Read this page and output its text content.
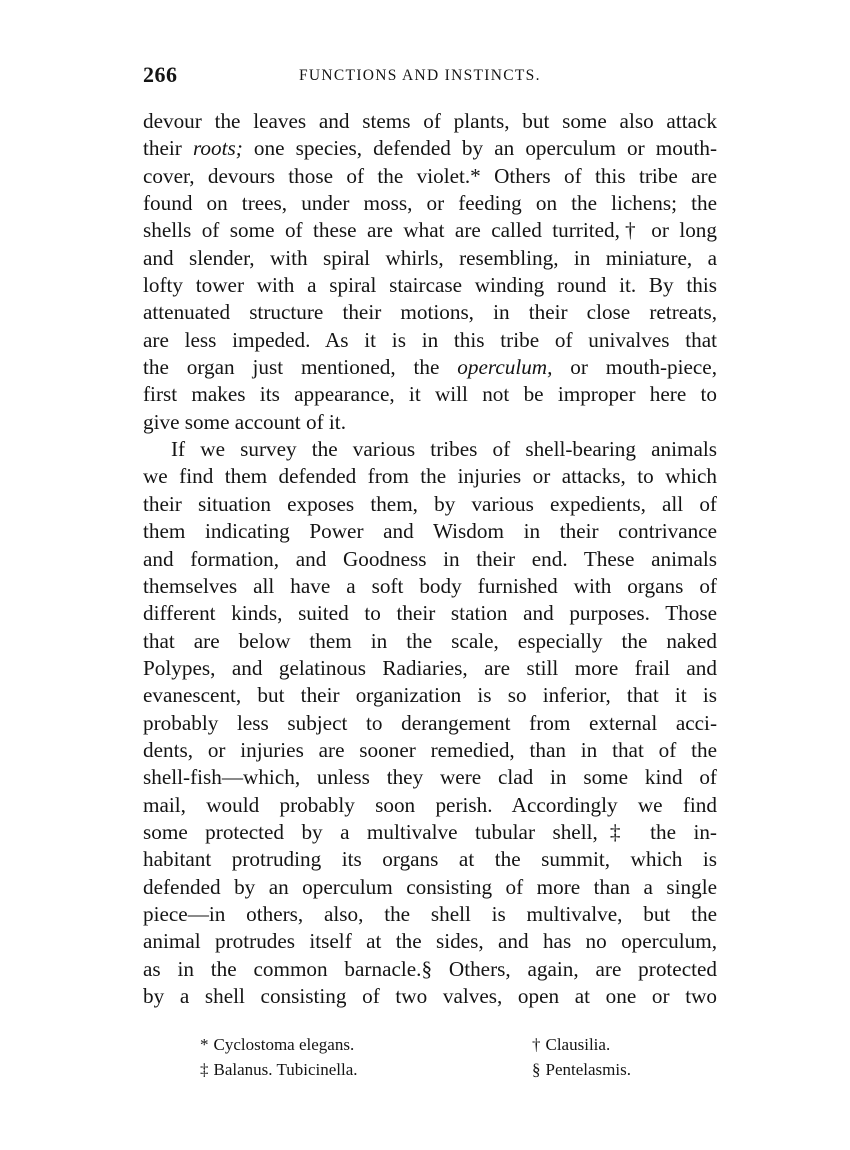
266	FUNCTIONS AND INSTINCTS.
devour the leaves and stems of plants, but some also attack
their roots; one species, defended by an operculum or mouth-
cover, devours those of the violet.* Others of this tribe are
found on trees, under moss, or feeding on the lichens; the
shells of some of these are what are called turrited,† or long
and slender, with spiral whirls, resembling, in miniature, a
lofty tower with a spiral staircase winding round it. By this
attenuated structure their motions, in their close retreats,
are less impeded. As it is in this tribe of univalves that
the organ just mentioned, the operculum, or mouth-piece,
first makes its appearance, it will not be improper here to
give some account of it.
If we survey the various tribes of shell-bearing animals
we find them defended from the injuries or attacks, to which
their situation exposes them, by various expedients, all of
them indicating Power and Wisdom in their contrivance
and formation, and Goodness in their end. These animals
themselves all have a soft body furnished with organs of
different kinds, suited to their station and purposes. Those
that are below them in the scale, especially the naked
Polypes, and gelatinous Radiaries, are still more frail and
evanescent, but their organization is so inferior, that it is
probably less subject to derangement from external acci-
dents, or injuries are sooner remedied, than in that of the
shell-fish—which, unless they were clad in some kind of
mail, would probably soon perish. Accordingly we find
some protected by a multivalve tubular shell,‡ the in-
habitant protruding its organs at the summit, which is
defended by an operculum consisting of more than a single
piece—in others, also, the shell is multivalve, but the
animal protrudes itself at the sides, and has no operculum,
as in the common barnacle.§ Others, again, are protected
by a shell consisting of two valves, open at one or two
* Cyclostoma elegans.	† Clausilia.
‡ Balanus. Tubicinella.	§ Pentelasmis.
